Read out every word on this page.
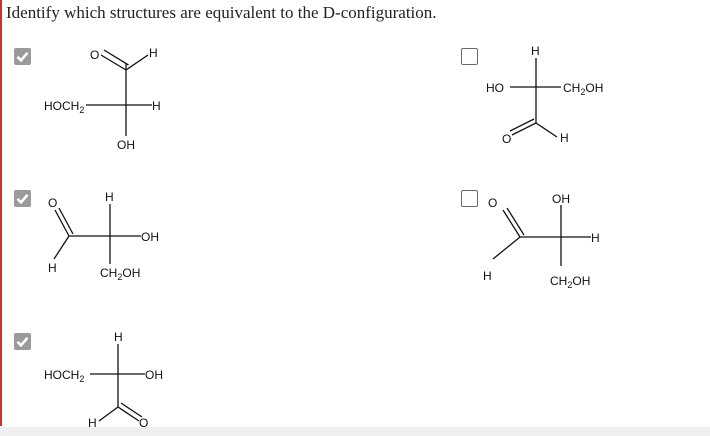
Identify which structures are equivalent to the D-configuration.

O	H
$HOCH_2$	H
OH
H
HO	$CH_2OH$
O	H
O
H
H
OH
$CH_2OH$
O
H
OH
H
$CH_2OH$
H
$HOCH_2$	OH
H	O
